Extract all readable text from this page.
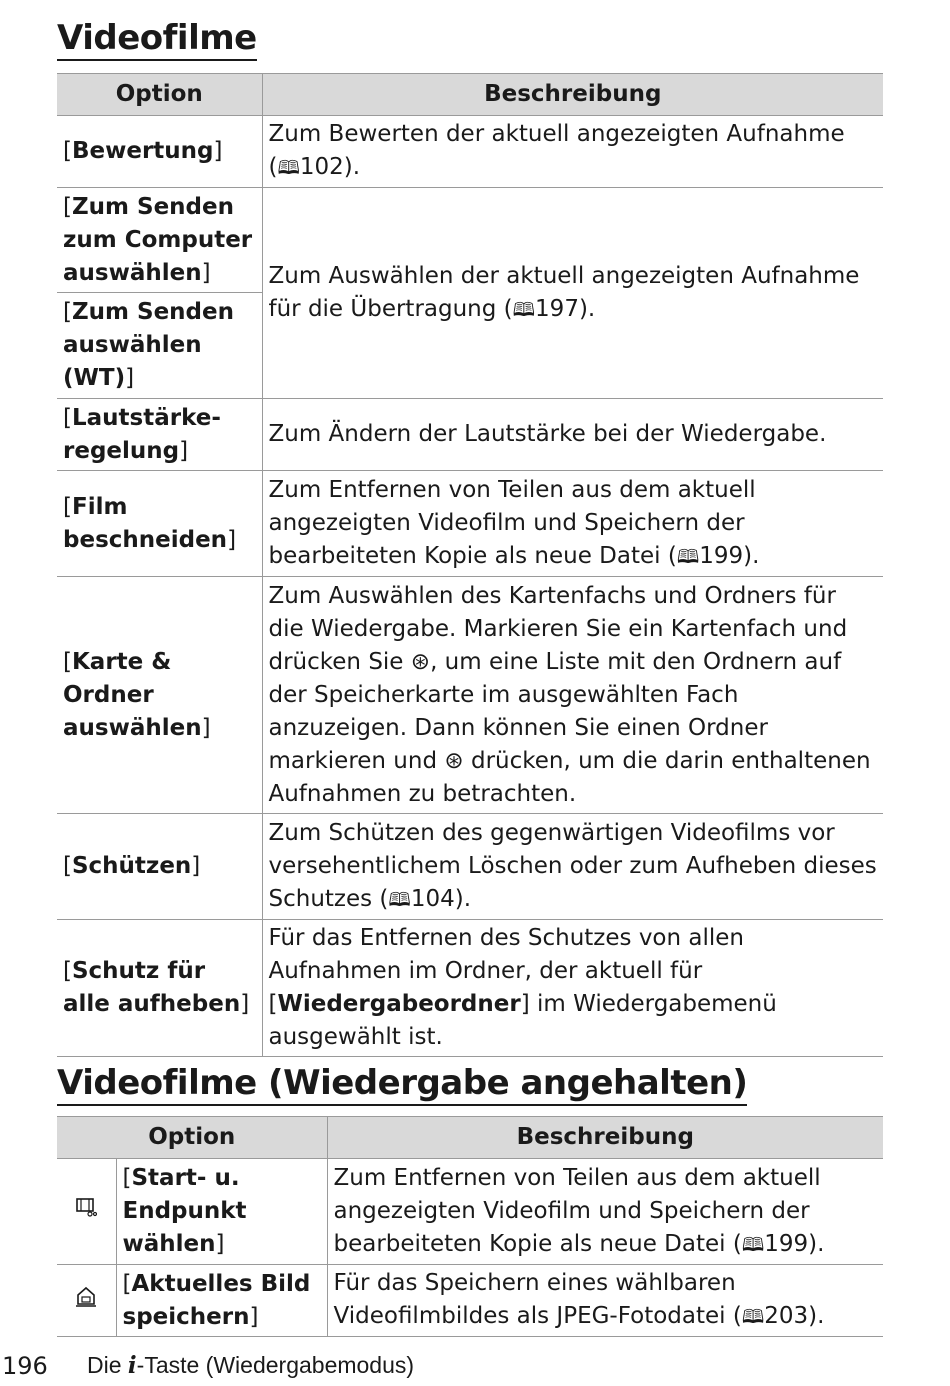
Videofilme
Option	Beschreibung
[Bewertung]	Zum Bewerten der aktuell angezeigten Aufnahme (🕮102).
[Zum Senden zum Computer auswählen]	Zum Auswählen der aktuell angezeigten Aufnahme für die Übertragung (🕮197).
[Zum Senden auswählen (WT)]	
[Lautstärkeregelung]	Zum Ändern der Lautstärke bei der Wiedergabe.
[Film beschneiden]	Zum Entfernen von Teilen aus dem aktuell angezeigten Videofilm und Speichern der bearbeiteten Kopie als neue Datei (🕮199).
[Karte & Ordner auswählen]	Zum Auswählen des Kartenfachs und Ordners für die Wiedergabe. Markieren Sie ein Kartenfach und drücken Sie ⊛, um eine Liste mit den Ordnern auf der Speicherkarte im ausgewählten Fach anzuzeigen. Dann können Sie einen Ordner markieren und ⊛ drücken, um die darin enthaltenen Aufnahmen zu betrachten.
[Schützen]	Zum Schützen des gegenwärtigen Videofilms vor versehentlichem Löschen oder zum Aufheben dieses Schutzes (🕮104).
[Schutz für alle aufheben]	Für das Entfernen des Schutzes von allen Aufnahmen im Ordner, der aktuell für [Wiedergabeordner] im Wiedergabemenü ausgewählt ist.
Videofilme (Wiedergabe angehalten)
Option		Beschreibung
	[Start- u. Endpunkt wählen]	Zum Entfernen von Teilen aus dem aktuell angezeigten Videofilm und Speichern der bearbeiteten Kopie als neue Datei (🕮199).
	[Aktuelles Bild speichern]	Für das Speichern eines wählbaren Videofilmbildes als JPEG-Fotodatei (🕮203).
196 Die i-Taste (Wiedergabemodus)
